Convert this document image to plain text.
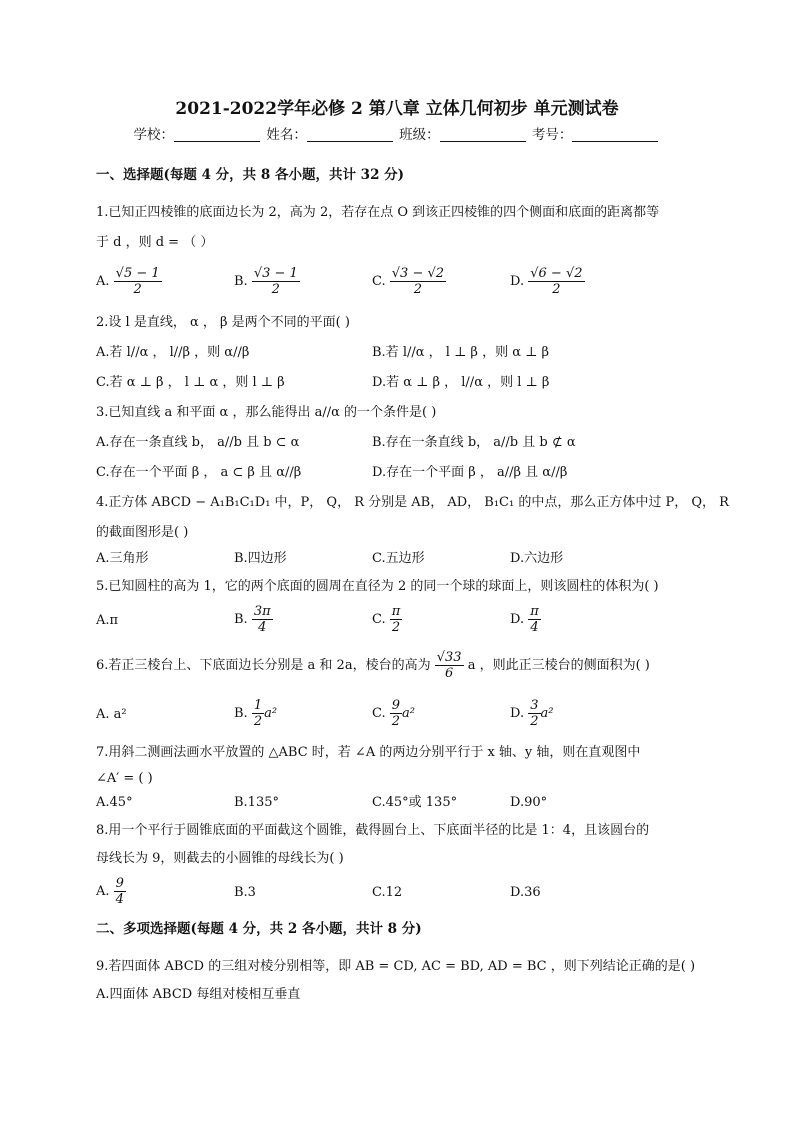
2021-2022学年必修 2 第八章 立体几何初步 单元测试卷
学校：	姓名：	班级：	考号：
一、选择题(每题 4 分，共 8 各小题，共计 32 分)
1.已知正四棱锥的底面边长为 2，高为 2，若存在点 O 到该正四棱锥的四个侧面和底面的距离都等
于 d ，则 d = （ ）
A. $\frac{√5 - 1}{2}$	B. $\frac{√3 - 1}{2}$	C. $\frac{√3 - √2}{2}$	D. $\frac{√6 - √2}{2}$
2.设 l 是直线， α ， β 是两个不同的平面( )
A.若 l//α ， l//β ，则 α//β	B.若 l//α ， l ⊥ β ，则 α ⊥ β
C.若 α ⊥ β ， l ⊥ α ，则 l ⊥ β	D.若 α ⊥ β ， l//α ，则 l ⊥ β
3.已知直线 a 和平面 α ，那么能得出 a//α 的一个条件是( )
A.存在一条直线 b， a//b 且 b ⊂ α	B.存在一条直线 b， a//b 且 b ⊄ α
C.存在一个平面 β ， a ⊂ β 且 α//β	D.存在一个平面 β ， a//β 且 α//β
4.正方体 ABCD − A₁B₁C₁D₁ 中，P， Q， R 分别是 AB， AD， B₁C₁ 的中点，那么正方体中过 P， Q， R
的截面图形是( )
A.三角形	B.四边形	C.五边形	D.六边形
5.已知圆柱的高为 1，它的两个底面的圆周在直径为 2 的同一个球的球面上，则该圆柱的体积为( )
A.π	B. $\frac{3\pi}{4}$	C. $\frac{\pi}{2}$	D. $\frac{\pi}{4}$
6.若正三棱台上、下底面边长分别是 a 和 2a，棱台的高为 $\frac{√33}{6}$ a ，则此正三棱台的侧面积为( )
A. a²	B. $\frac{1}{2} a^2$	C. $\frac{9}{2} a^2$	D. $\frac{3}{2} a^2$
7.用斜二测画法画水平放置的 △ABC 时，若 ∠A 的两边分别平行于 x 轴、y 轴，则在直观图中
∠A′ = ( )
A.45°	B.135°	C.45°或 135°	D.90°
8.用一个平行于圆锥底面的平面截这个圆锥，截得圆台上、下底面半径的比是 1：4，且该圆台的
母线长为 9，则截去的小圆锥的母线长为( )
A. $\frac{9}{4}$	B.3	C.12	D.36
二、多项选择题(每题 4 分，共 2 各小题，共计 8 分)
9.若四面体 ABCD 的三组对棱分别相等，即 AB = CD, AC = BD, AD = BC ，则下列结论正确的是( )
A.四面体 ABCD 每组对棱相互垂直
